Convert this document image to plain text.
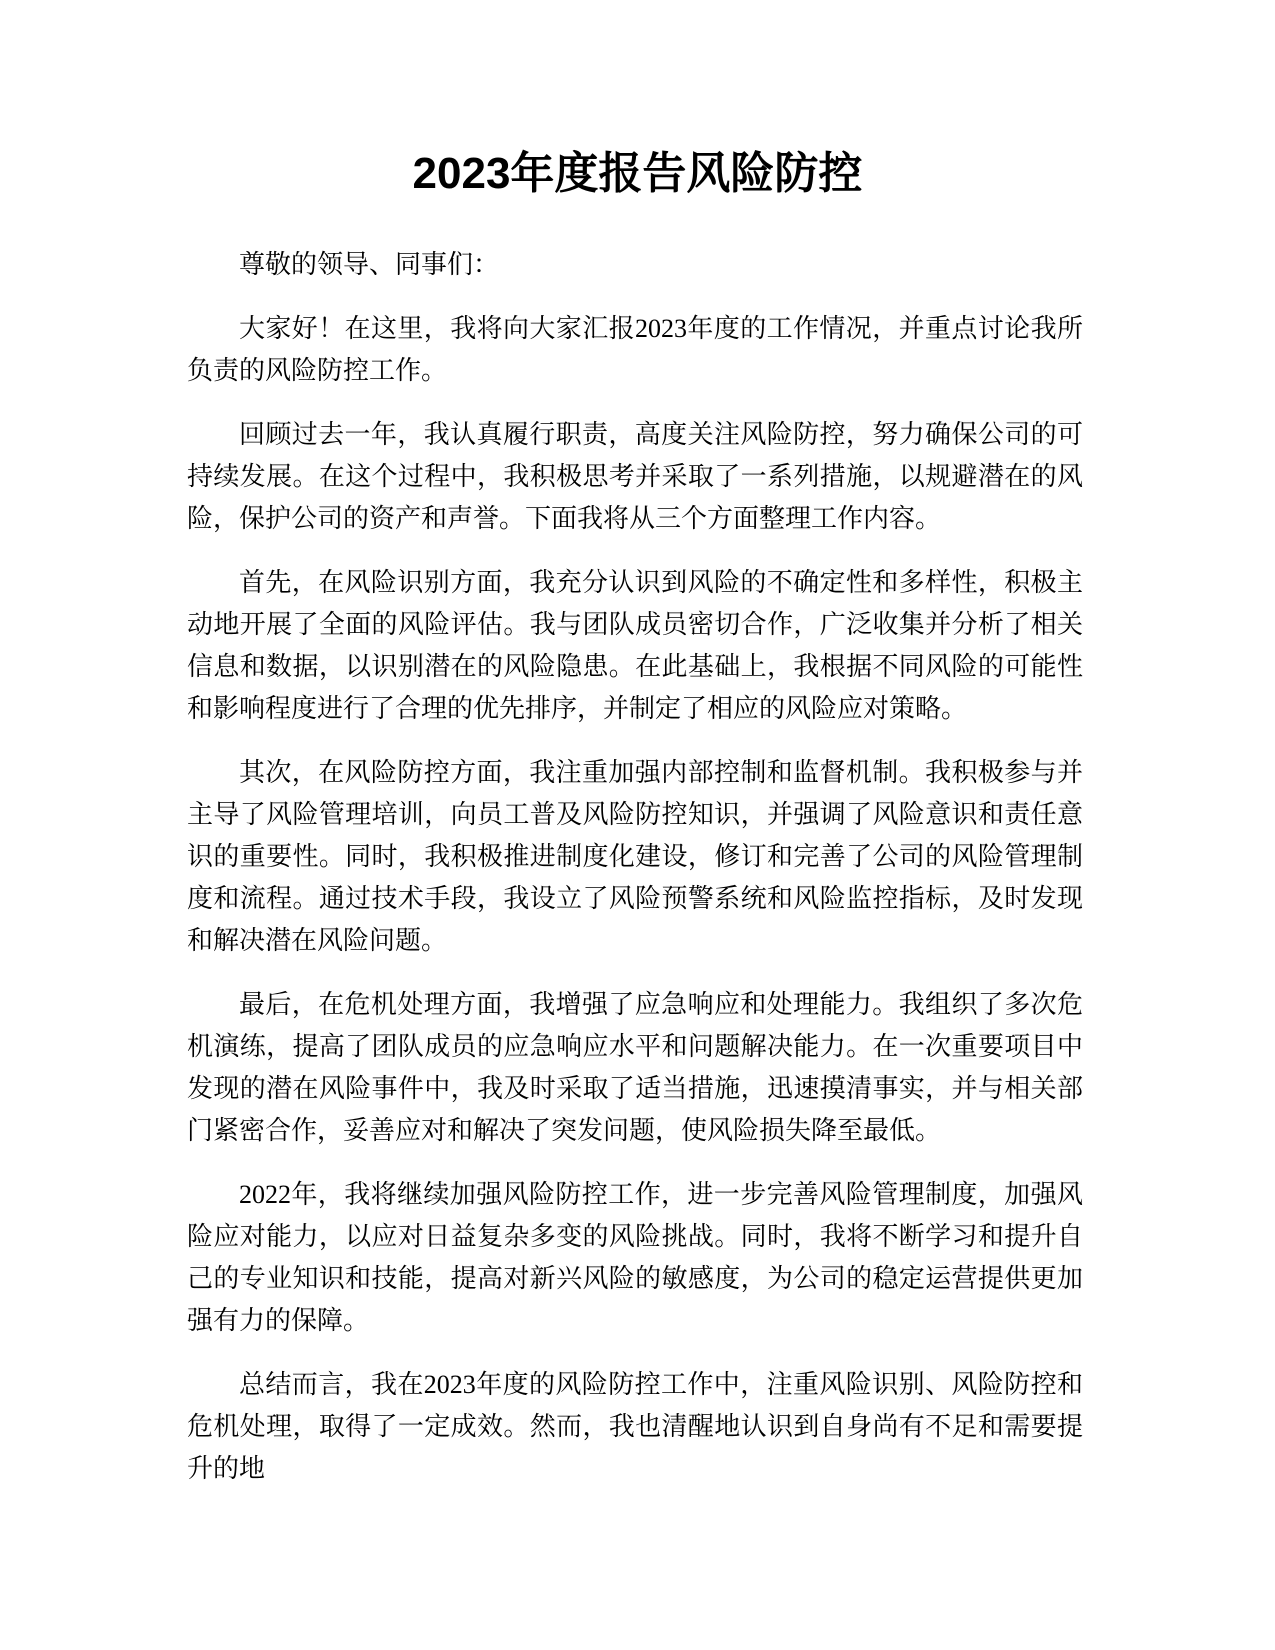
2023年度报告风险防控

尊敬的领导、同事们：

大家好！在这里，我将向大家汇报2023年度的工作情况，并重点讨论我所负责的风险防控工作。

回顾过去一年，我认真履行职责，高度关注风险防控，努力确保公司的可持续发展。在这个过程中，我积极思考并采取了一系列措施，以规避潜在的风险，保护公司的资产和声誉。下面我将从三个方面整理工作内容。

首先，在风险识别方面，我充分认识到风险的不确定性和多样性，积极主动地开展了全面的风险评估。我与团队成员密切合作，广泛收集并分析了相关信息和数据，以识别潜在的风险隐患。在此基础上，我根据不同风险的可能性和影响程度进行了合理的优先排序，并制定了相应的风险应对策略。

其次，在风险防控方面，我注重加强内部控制和监督机制。我积极参与并主导了风险管理培训，向员工普及风险防控知识，并强调了风险意识和责任意识的重要性。同时，我积极推进制度化建设，修订和完善了公司的风险管理制度和流程。通过技术手段，我设立了风险预警系统和风险监控指标，及时发现和解决潜在风险问题。

最后，在危机处理方面，我增强了应急响应和处理能力。我组织了多次危机演练，提高了团队成员的应急响应水平和问题解决能力。在一次重要项目中发现的潜在风险事件中，我及时采取了适当措施，迅速摸清事实，并与相关部门紧密合作，妥善应对和解决了突发问题，使风险损失降至最低。

2022年，我将继续加强风险防控工作，进一步完善风险管理制度，加强风险应对能力，以应对日益复杂多变的风险挑战。同时，我将不断学习和提升自己的专业知识和技能，提高对新兴风险的敏感度，为公司的稳定运营提供更加强有力的保障。

总结而言，我在2023年度的风险防控工作中，注重风险识别、风险防控和危机处理，取得了一定成效。然而，我也清醒地认识到自身尚有不足和需要提升的地
